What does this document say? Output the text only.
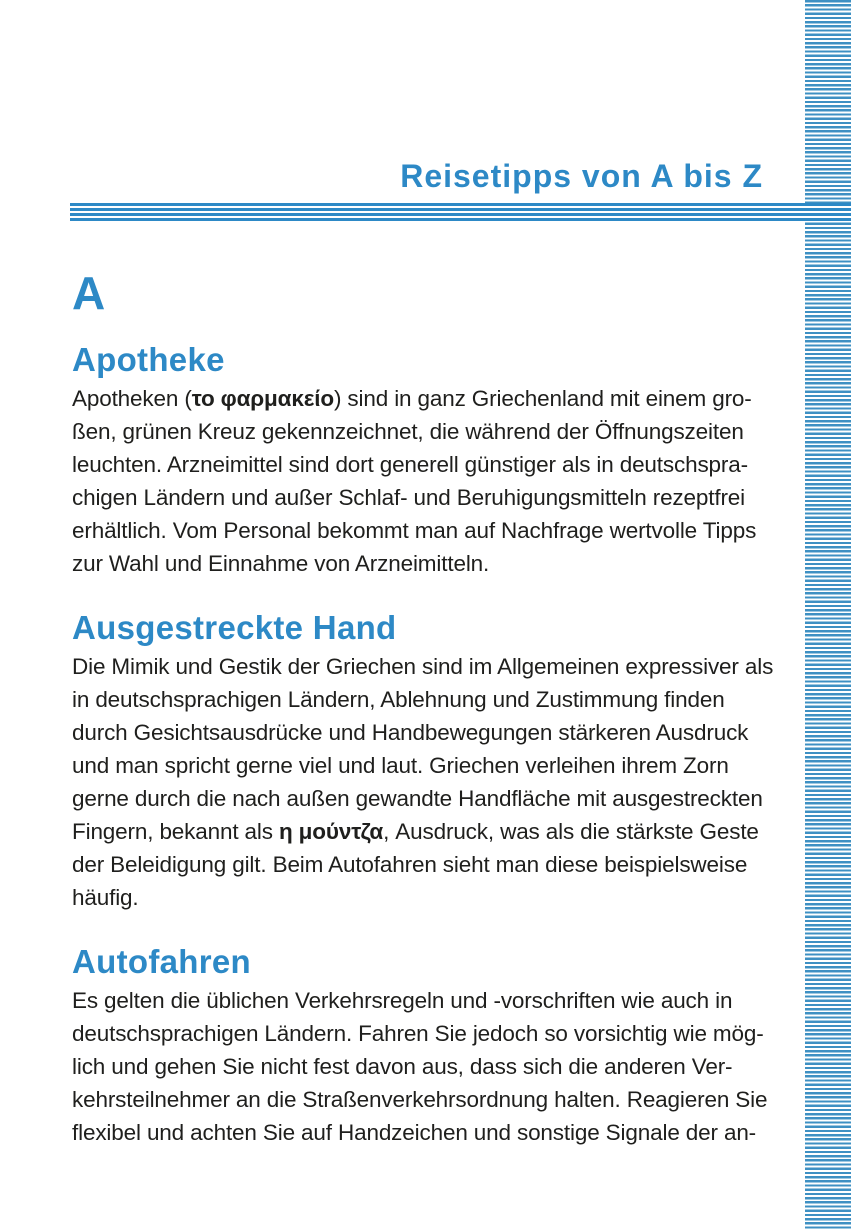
Reisetipps von A bis Z
A
Apotheke
Apotheken (το φαρμακείο) sind in ganz Griechenland mit einem gro-
ßen, grünen Kreuz gekennzeichnet, die während der Öffnungszeiten
leuchten. Arzneimittel sind dort generell günstiger als in deutschspra-
chigen Ländern und außer Schlaf- und Beruhigungsmitteln rezeptfrei
erhältlich. Vom Personal bekommt man auf Nachfrage wertvolle Tipps
zur Wahl und Einnahme von Arzneimitteln.
Ausgestreckte Hand
Die Mimik und Gestik der Griechen sind im Allgemeinen expressiver als
in deutschsprachigen Ländern, Ablehnung und Zustimmung finden
durch Gesichtsausdrücke und Handbewegungen stärkeren Ausdruck
und man spricht gerne viel und laut. Griechen verleihen ihrem Zorn
gerne durch die nach außen gewandte Handfläche mit ausgestreckten
Fingern, bekannt als η μούντζα, Ausdruck, was als die stärkste Geste
der Beleidigung gilt. Beim Autofahren sieht man diese beispielsweise
häufig.
Autofahren
Es gelten die üblichen Verkehrsregeln und -vorschriften wie auch in
deutschsprachigen Ländern. Fahren Sie jedoch so vorsichtig wie mög-
lich und gehen Sie nicht fest davon aus, dass sich die anderen Ver-
kehrsteilnehmer an die Straßenverkehrsordnung halten. Reagieren Sie
flexibel und achten Sie auf Handzeichen und sonstige Signale der an-
